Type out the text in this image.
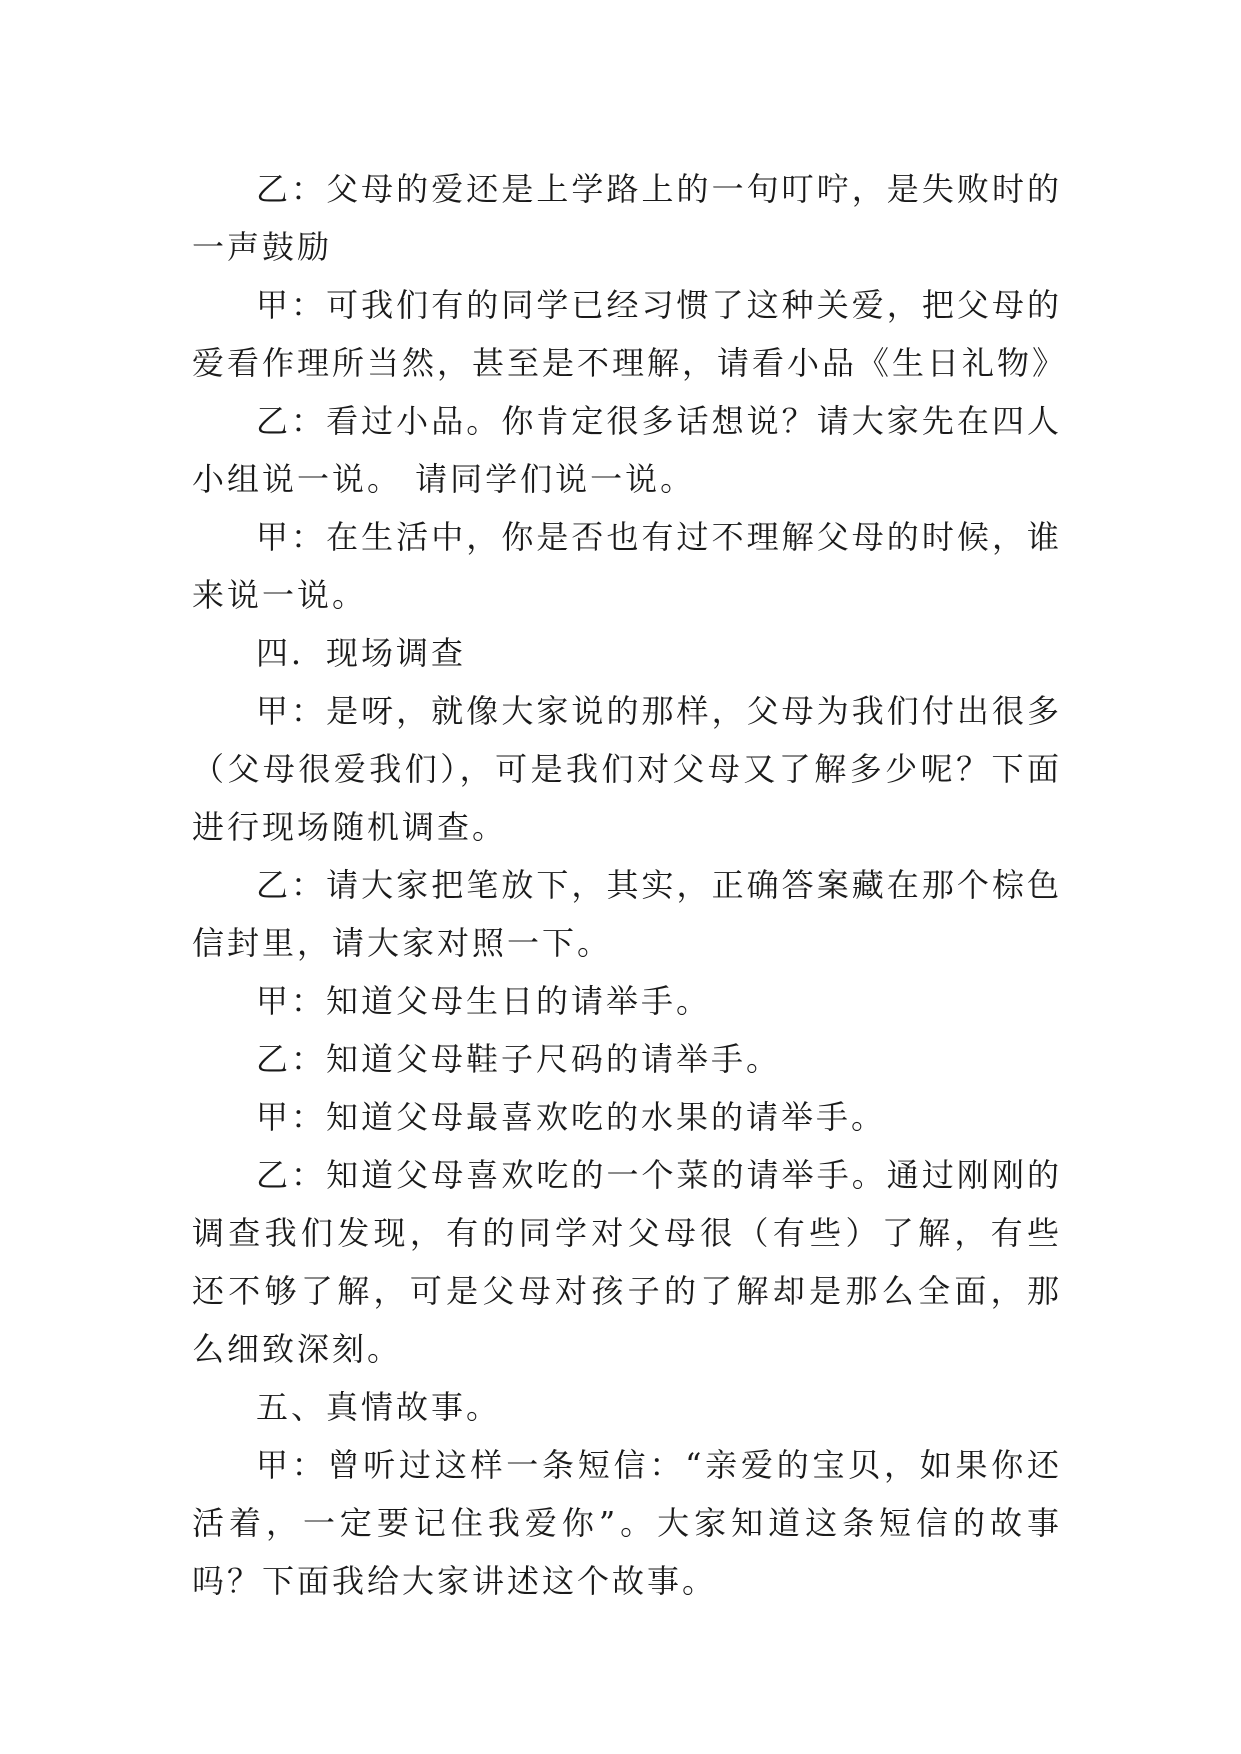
乙：父母的爱还是上学路上的一句叮咛，是失败时的一声鼓励

甲：可我们有的同学已经习惯了这种关爱，把父母的爱看作理所当然，甚至是不理解，请看小品《生日礼物》

乙：看过小品。你肯定很多话想说？请大家先在四人小组说一说。 请同学们说一说。

甲：在生活中，你是否也有过不理解父母的时候，谁来说一说。

四．现场调查

甲：是呀，就像大家说的那样，父母为我们付出很多（父母很爱我们），可是我们对父母又了解多少呢？下面进行现场随机调查。

乙：请大家把笔放下，其实，正确答案藏在那个棕色信封里，请大家对照一下。

甲：知道父母生日的请举手。

乙：知道父母鞋子尺码的请举手。

甲：知道父母最喜欢吃的水果的请举手。

乙：知道父母喜欢吃的一个菜的请举手。通过刚刚的调查我们发现，有的同学对父母很（有些）了解，有些还不够了解，可是父母对孩子的了解却是那么全面，那么细致深刻。

五、真情故事。

甲：曾听过这样一条短信：“亲爱的宝贝，如果你还活着，一定要记住我爱你”。大家知道这条短信的故事吗？下面我给大家讲述这个故事。
